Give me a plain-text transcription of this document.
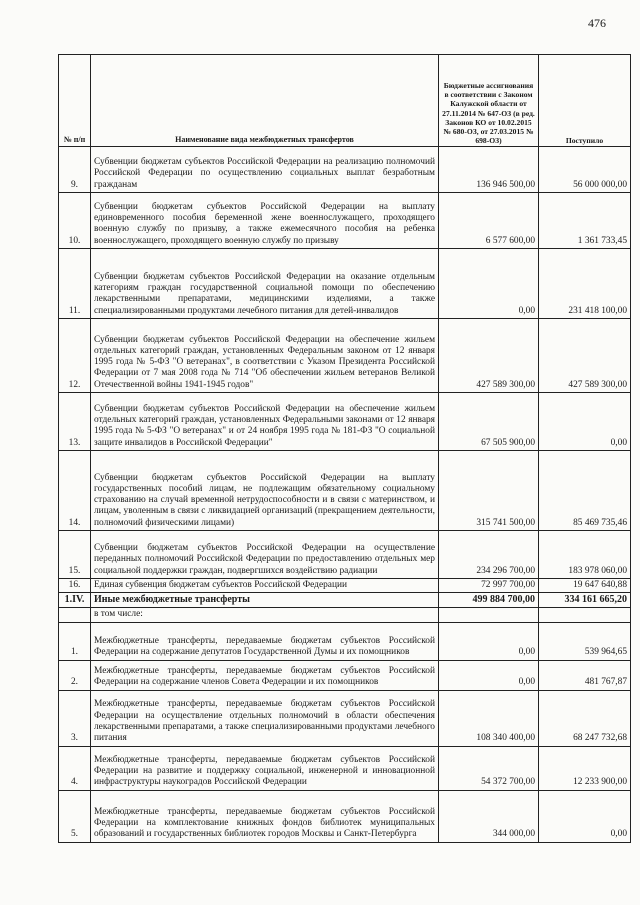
476
№ п/п	Наименование вида межбюджетных трансфертов	Бюджетные ассигнования в соответствии с Законом Калужской области от 27.11.2014 № 647-ОЗ (в ред. Законов КО от 10.02.2015 № 680-ОЗ, от 27.03.2015 № 698-ОЗ)	Поступило
9.	Субвенции бюджетам субъектов Российской Федерации на реализацию полномочий Российской Федерации по осуществлению социальных выплат безработным гражданам	136 946 500,00	56 000 000,00
10.	Субвенции бюджетам субъектов Российской Федерации на выплату единовременного пособия беременной жене военнослужащего, проходящего военную службу по призыву, а также ежемесячного пособия на ребенка военнослужащего, проходящего военную службу по призыву	6 577 600,00	1 361 733,45
11.	Субвенции бюджетам субъектов Российской Федерации на оказание отдельным категориям граждан государственной социальной помощи по обеспечению лекарственными препаратами, медицинскими изделиями, а также специализированными продуктами лечебного питания для детей-инвалидов	0,00	231 418 100,00
12.	Субвенции бюджетам субъектов Российской Федерации на обеспечение жильем отдельных категорий граждан, установленных Федеральным законом от 12 января 1995 года № 5-ФЗ "О ветеранах", в соответствии с Указом Президента Российской Федерации от 7 мая 2008 года № 714 "Об обеспечении жильем ветеранов Великой Отечественной войны 1941-1945 годов"	427 589 300,00	427 589 300,00
13.	Субвенции бюджетам субъектов Российской Федерации на обеспечение жильем отдельных категорий граждан, установленных Федеральными законами от 12 января 1995 года № 5-ФЗ "О ветеранах" и от 24 ноября 1995 года № 181-ФЗ "О социальной защите инвалидов в Российской Федерации"	67 505 900,00	0,00
14.	Субвенции бюджетам субъектов Российской Федерации на выплату государственных пособий лицам, не подлежащим обязательному социальному страхованию на случай временной нетрудоспособности и в связи с материнством, и лицам, уволенным в связи с ликвидацией организаций (прекращением деятельности, полномочий физическими лицами)	315 741 500,00	85 469 735,46
15.	Субвенции бюджетам субъектов Российской Федерации на осуществление переданных полномочий Российской Федерации по предоставлению отдельных мер социальной поддержки граждан, подвергшихся воздействию радиации	234 296 700,00	183 978 060,00
16.	Единая субвенция бюджетам субъектов Российской Федерации	72 997 700,00	19 647 640,88
1.IV.	Иные межбюджетные трансферты	499 884 700,00	334 161 665,20
	в том числе:		
1.	Межбюджетные трансферты, передаваемые бюджетам субъектов Российской Федерации на содержание депутатов Государственной Думы и их помощников	0,00	539 964,65
2.	Межбюджетные трансферты, передаваемые бюджетам субъектов Российской Федерации на содержание членов Совета Федерации и их помощников	0,00	481 767,87
3.	Межбюджетные трансферты, передаваемые бюджетам субъектов Российской Федерации на осуществление отдельных полномочий в области обеспечения лекарственными препаратами, а также специализированными продуктами лечебного питания	108 340 400,00	68 247 732,68
4.	Межбюджетные трансферты, передаваемые бюджетам субъектов Российской Федерации на развитие и поддержку социальной, инженерной и инновационной инфраструктуры наукоградов Российской Федерации	54 372 700,00	12 233 900,00
5.	Межбюджетные трансферты, передаваемые бюджетам субъектов Российской Федерации на комплектование книжных фондов библиотек муниципальных образований и государственных библиотек городов Москвы и Санкт-Петербурга	344 000,00	0,00
